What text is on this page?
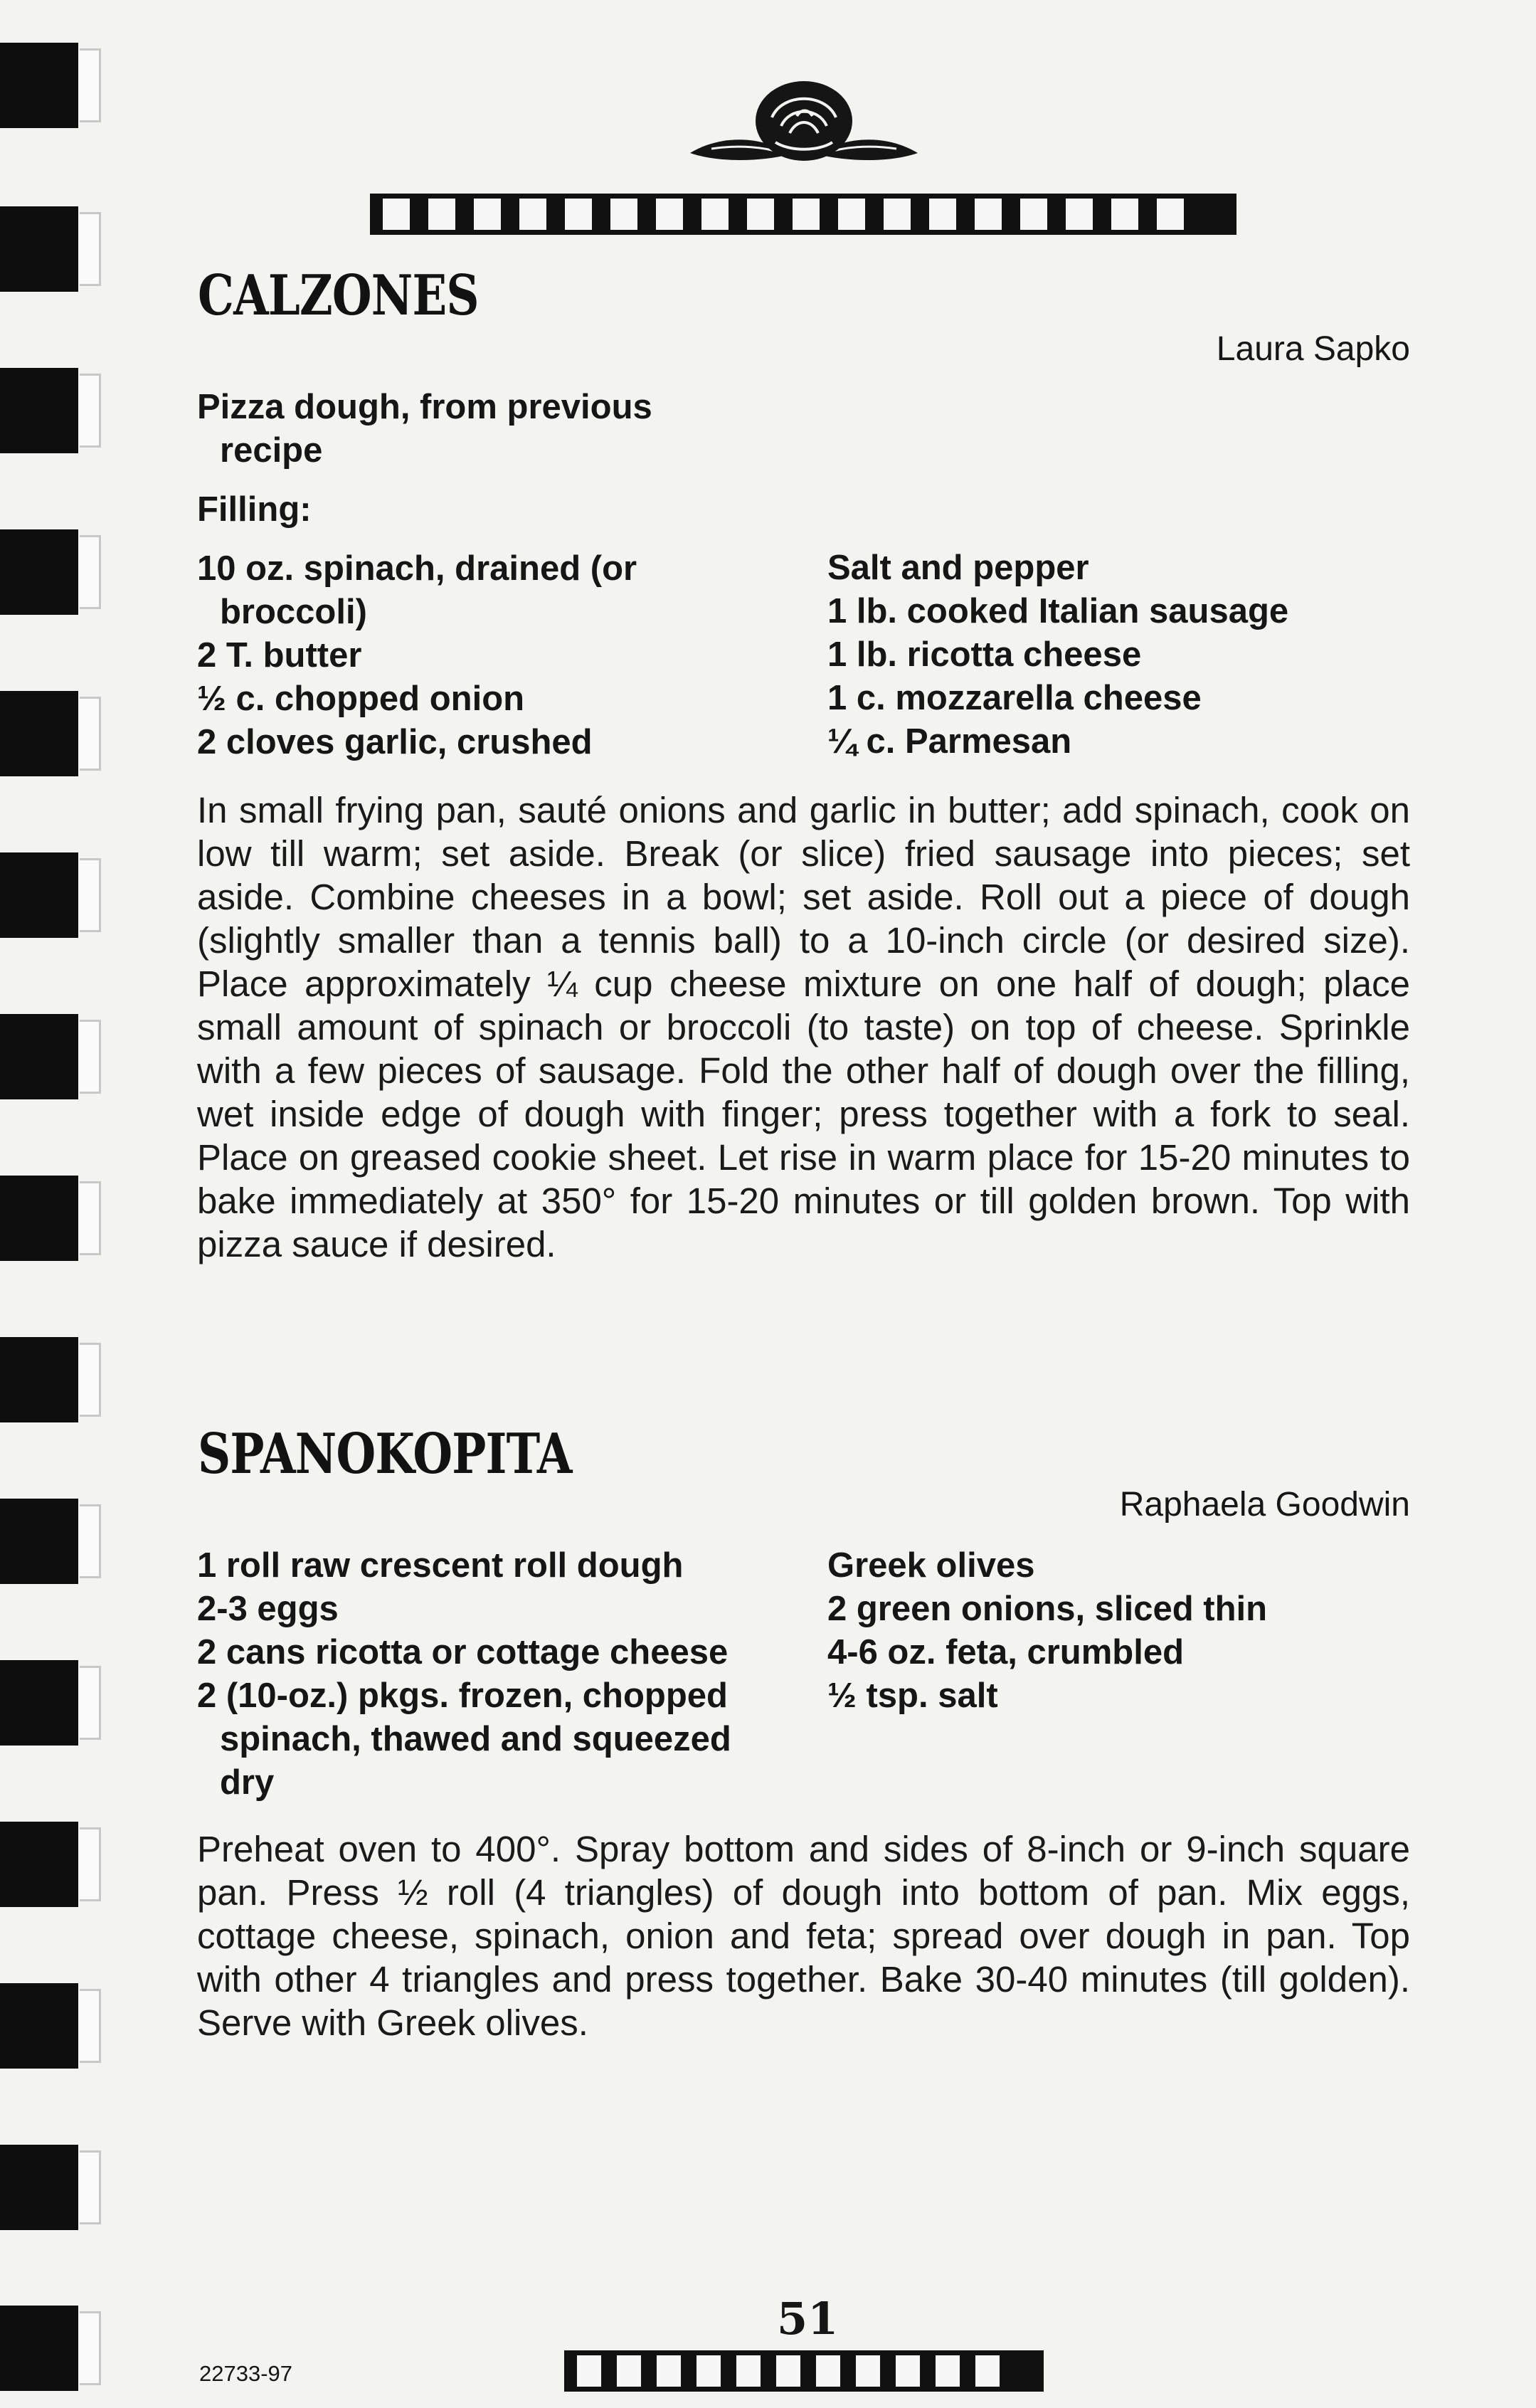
CALZONES

Laura Sapko

Pizza dough, from previous
recipe
Filling:
10 oz. spinach, drained (or
broccoli)
2 T. butter
½ c. chopped onion
2 cloves garlic, crushed
Salt and pepper
1 lb. cooked Italian sausage
1 lb. ricotta cheese
1 c. mozzarella cheese
¼ c. Parmesan

In small frying pan, sauté onions and garlic in butter; add spinach, cook on low till warm; set aside. Break (or slice) fried sausage into pieces; set aside. Combine cheeses in a bowl; set aside. Roll out a piece of dough (slightly smaller than a tennis ball) to a 10-inch circle (or desired size). Place approximately ¼ cup cheese mixture on one half of dough; place small amount of spinach or broccoli (to taste) on top of cheese. Sprinkle with a few pieces of sausage. Fold the other half of dough over the filling, wet inside edge of dough with finger; press together with a fork to seal. Place on greased cookie sheet. Let rise in warm place for 15-20 minutes to bake immediately at 350° for 15-20 minutes or till golden brown. Top with pizza sauce if desired.

SPANOKOPITA

Raphaela Goodwin

1 roll raw crescent roll dough
2-3 eggs
2 cans ricotta or cottage cheese
2 (10-oz.) pkgs. frozen, chopped
spinach, thawed and squeezed
dry
Greek olives
2 green onions, sliced thin
4-6 oz. feta, crumbled
½ tsp. salt

Preheat oven to 400°. Spray bottom and sides of 8-inch or 9-inch square pan. Press ½ roll (4 triangles) of dough into bottom of pan. Mix eggs, cottage cheese, spinach, onion and feta; spread over dough in pan. Top with other 4 triangles and press together. Bake 30-40 minutes (till golden). Serve with Greek olives.

51

22733-97
